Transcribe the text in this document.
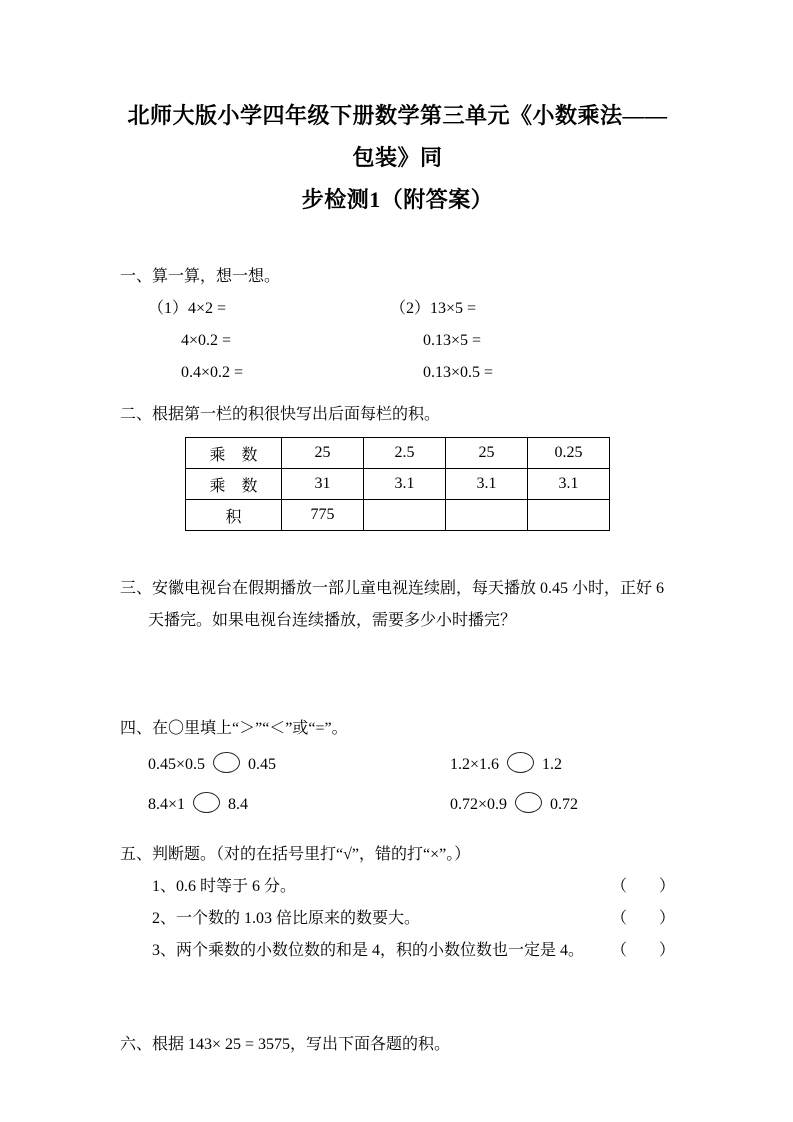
北师大版小学四年级下册数学第三单元《小数乘法——包装》同
步检测1（附答案）
一、算一算，想一想。
（1）4×2 =	（2）13×5 =
4×0.2 =	0.13×5 =
0.4×0.2 =	0.13×0.5 =
二、根据第一栏的积很快写出后面每栏的积。
乘　数	25	2.5	25	0.25
乘　数	31	3.1	3.1	3.1
积	775			
三、安徽电视台在假期播放一部儿童电视连续剧，每天播放 0.45 小时，正好 6
天播完。如果电视台连续播放，需要多少小时播完？
四、在〇里填上“＞”“＜”或“=”。
0.45×0.5	0.45	1.2×1.6	1.2
8.4×1	8.4	0.72×0.9	0.72
五、判断题。（对的在括号里打“√”，错的打“×”。）
1、0.6 时等于 6 分。	（　　）
2、一个数的 1.03 倍比原来的数要大。	（　　）
3、两个乘数的小数位数的和是 4，积的小数位数也一定是 4。 （　　）
六、根据 143× 25 = 3575，写出下面各题的积。
